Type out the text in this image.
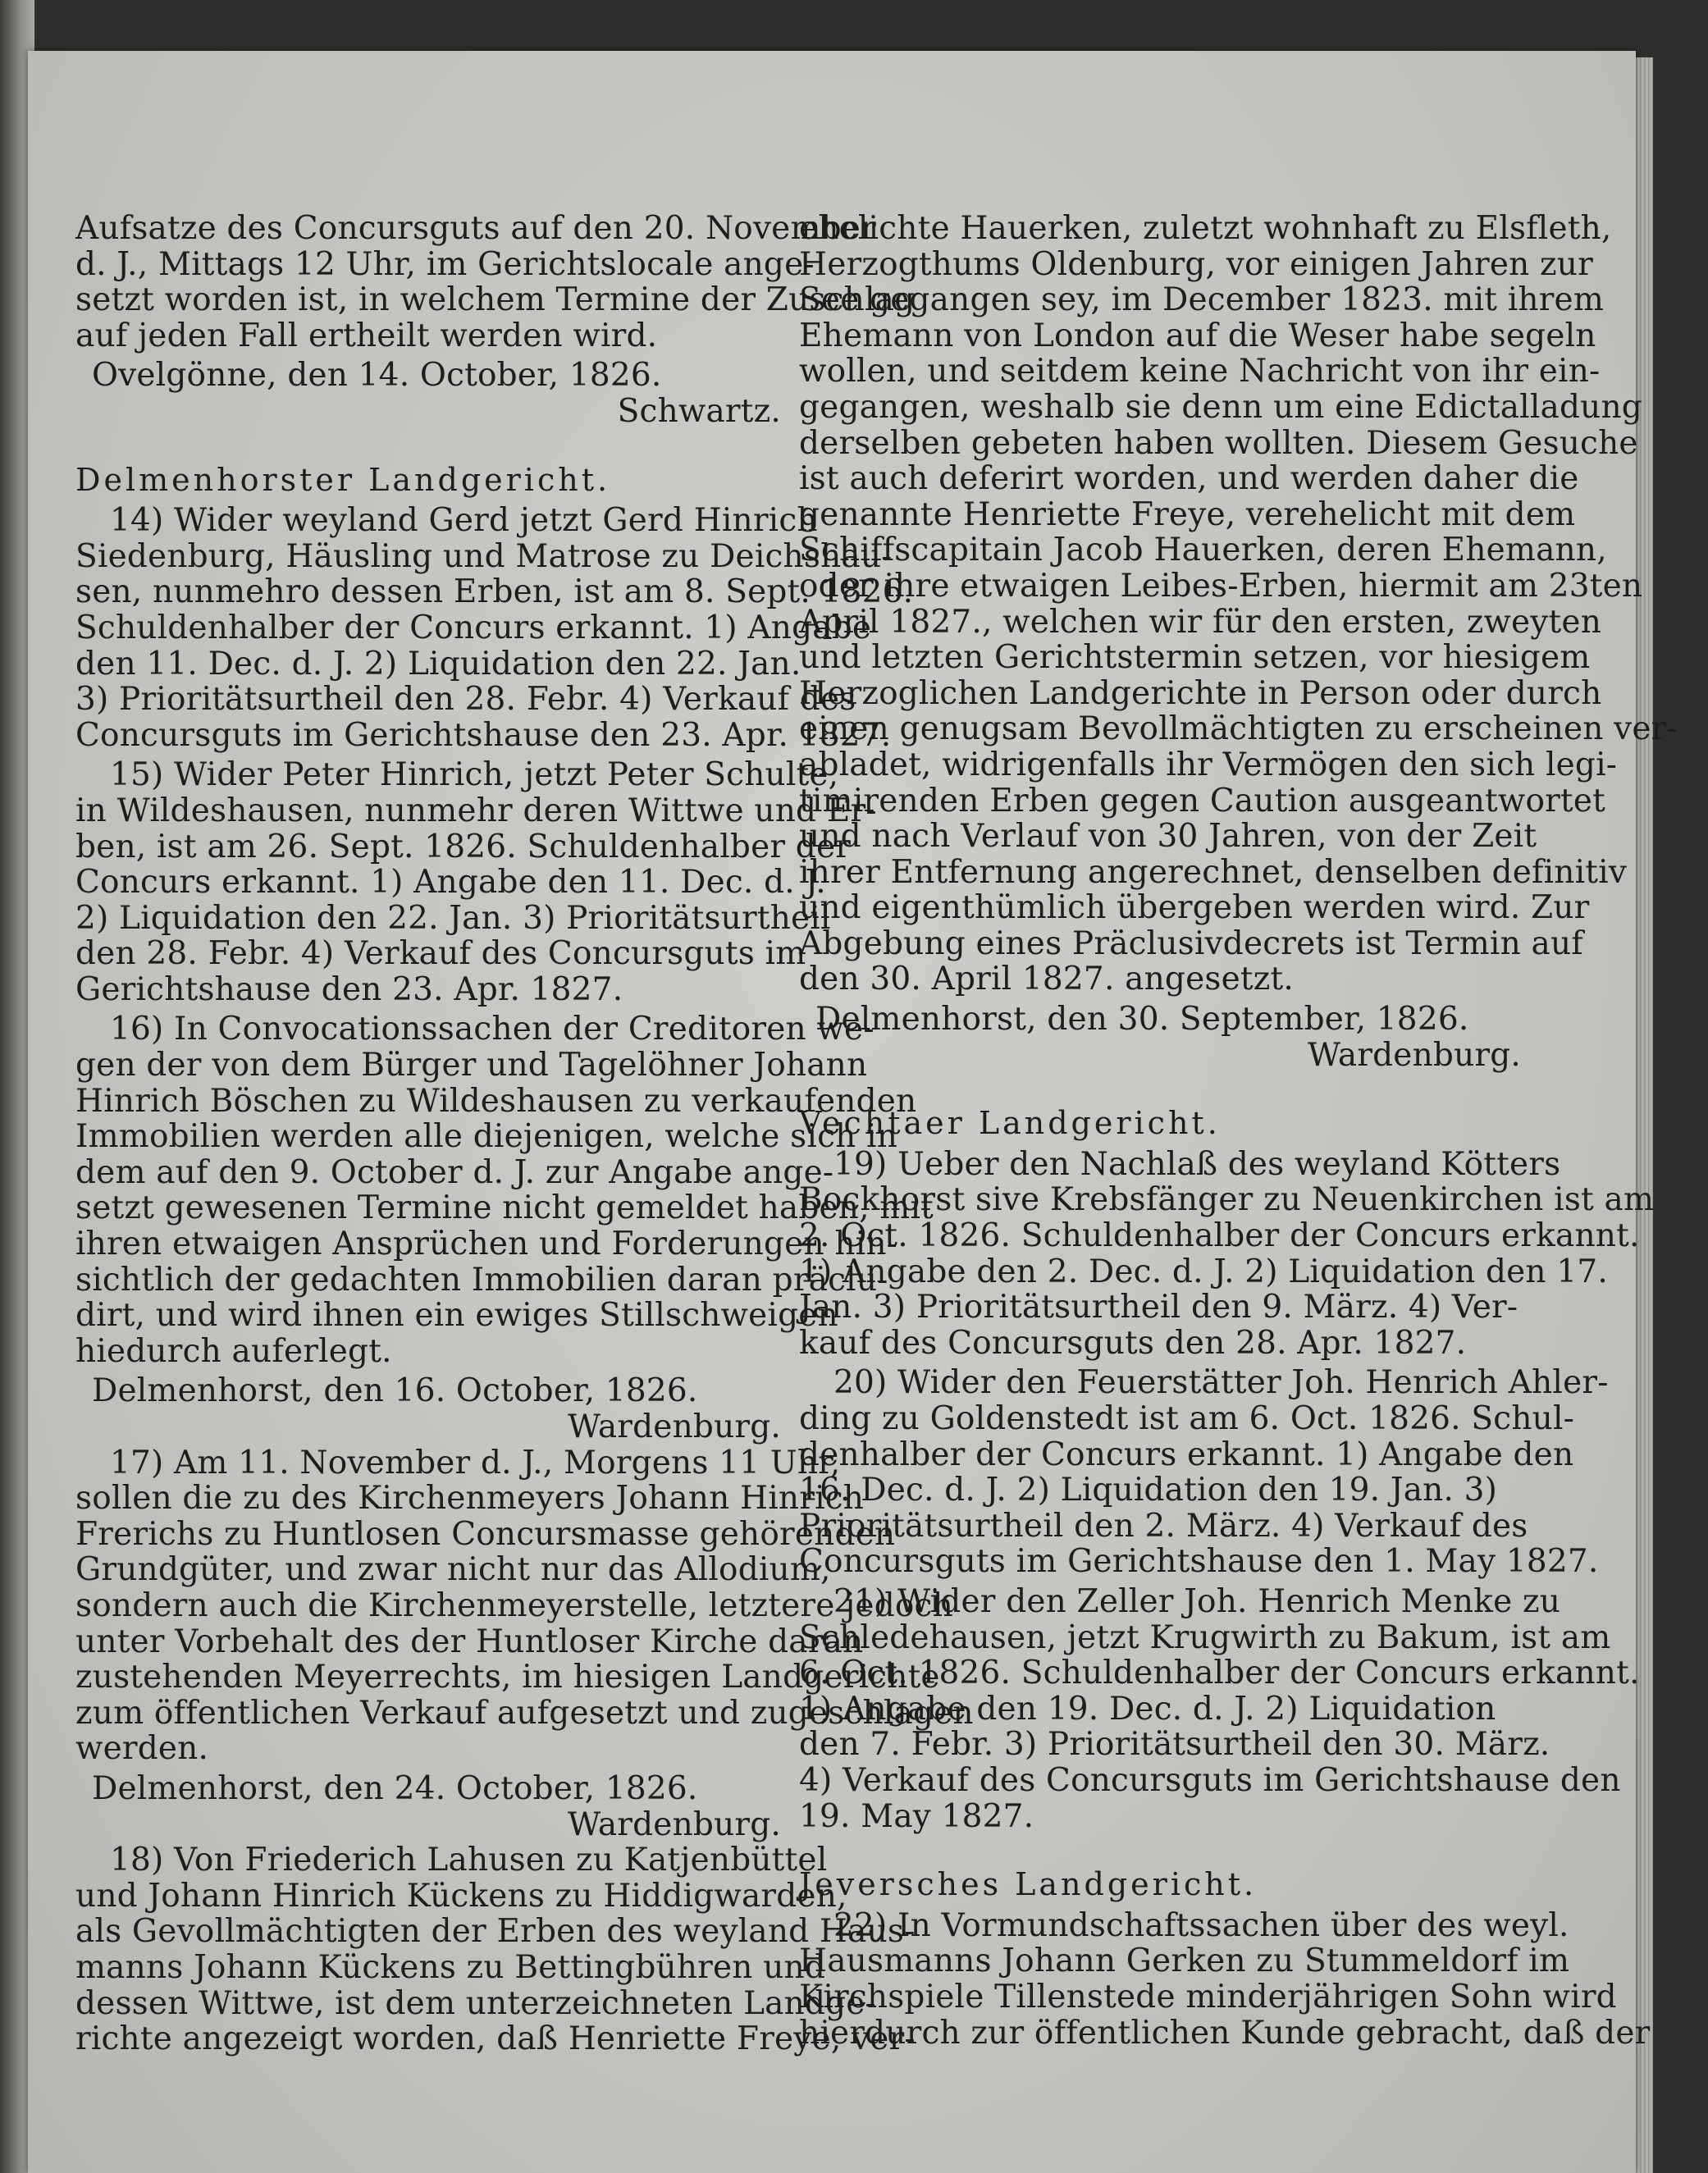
Aufsatze des Concursguts auf den 20. November
d. J., Mittags 12 Uhr, im Gerichtslocale ange-
setzt worden ist, in welchem Termine der Zuschlag
auf jeden Fall ertheilt werden wird.
Ovelgönne, den 14. October, 1826.
Schwartz.
Delmenhorster Landgericht.
14) Wider weyland Gerd jetzt Gerd Hinrich
Siedenburg, Häusling und Matrose zu Deichshau-
sen, nunmehro dessen Erben, ist am 8. Sept. 1826.
Schuldenhalber der Concurs erkannt. 1) Angabe
den 11. Dec. d. J. 2) Liquidation den 22. Jan.
3) Prioritätsurtheil den 28. Febr. 4) Verkauf des
Concursguts im Gerichtshause den 23. Apr. 1827.
15) Wider Peter Hinrich, jetzt Peter Schulte,
in Wildeshausen, nunmehr deren Wittwe und Er-
ben, ist am 26. Sept. 1826. Schuldenhalber der
Concurs erkannt. 1) Angabe den 11. Dec. d. J.
2) Liquidation den 22. Jan. 3) Prioritätsurtheil
den 28. Febr. 4) Verkauf des Concursguts im
Gerichtshause den 23. Apr. 1827.
16) In Convocationssachen der Creditoren we-
gen der von dem Bürger und Tagelöhner Johann
Hinrich Böschen zu Wildeshausen zu verkaufenden
Immobilien werden alle diejenigen, welche sich in
dem auf den 9. October d. J. zur Angabe ange-
setzt gewesenen Termine nicht gemeldet haben, mit
ihren etwaigen Ansprüchen und Forderungen hin-
sichtlich der gedachten Immobilien daran präclu-
dirt, und wird ihnen ein ewiges Stillschweigen
hiedurch auferlegt.
Delmenhorst, den 16. October, 1826.
Wardenburg.
17) Am 11. November d. J., Morgens 11 Uhr,
sollen die zu des Kirchenmeyers Johann Hinrich
Frerichs zu Huntlosen Concursmasse gehörenden
Grundgüter, und zwar nicht nur das Allodium,
sondern auch die Kirchenmeyerstelle, letztere jedoch
unter Vorbehalt des der Huntloser Kirche daran
zustehenden Meyerrechts, im hiesigen Landgerichte
zum öffentlichen Verkauf aufgesetzt und zugeschlagen
werden.
Delmenhorst, den 24. October, 1826.
Wardenburg.
18) Von Friederich Lahusen zu Katjenbüttel
und Johann Hinrich Kückens zu Hiddigwarden,
als Gevollmächtigten der Erben des weyland Haus-
manns Johann Kückens zu Bettingbühren und
dessen Wittwe, ist dem unterzeichneten Landge-
richte angezeigt worden, daß Henriette Freye, ver-
ehelichte Hauerken, zuletzt wohnhaft zu Elsfleth,
Herzogthums Oldenburg, vor einigen Jahren zur
See gegangen sey, im December 1823. mit ihrem
Ehemann von London auf die Weser habe segeln
wollen, und seitdem keine Nachricht von ihr ein-
gegangen, weshalb sie denn um eine Edictalladung
derselben gebeten haben wollten. Diesem Gesuche
ist auch deferirt worden, und werden daher die
genannte Henriette Freye, verehelicht mit dem
Schiffscapitain Jacob Hauerken, deren Ehemann,
oder ihre etwaigen Leibes-Erben, hiermit am 23ten
April 1827., welchen wir für den ersten, zweyten
und letzten Gerichtstermin setzen, vor hiesigem
Herzoglichen Landgerichte in Person oder durch
einen genugsam Bevollmächtigten zu erscheinen ver-
abladet, widrigenfalls ihr Vermögen den sich legi-
timirenden Erben gegen Caution ausgeantwortet
und nach Verlauf von 30 Jahren, von der Zeit
ihrer Entfernung angerechnet, denselben definitiv
und eigenthümlich übergeben werden wird. Zur
Abgebung eines Präclusivdecrets ist Termin auf
den 30. April 1827. angesetzt.
Delmenhorst, den 30. September, 1826.
Wardenburg.
Vechtaer Landgericht.
19) Ueber den Nachlaß des weyland Kötters
Bockhorst sive Krebsfänger zu Neuenkirchen ist am
2. Oct. 1826. Schuldenhalber der Concurs erkannt.
1) Angabe den 2. Dec. d. J. 2) Liquidation den 17.
Jan. 3) Prioritätsurtheil den 9. März. 4) Ver-
kauf des Concursguts den 28. Apr. 1827.
20) Wider den Feuerstätter Joh. Henrich Ahler-
ding zu Goldenstedt ist am 6. Oct. 1826. Schul-
denhalber der Concurs erkannt. 1) Angabe den
16. Dec. d. J. 2) Liquidation den 19. Jan. 3)
Prioritätsurtheil den 2. März. 4) Verkauf des
Concursguts im Gerichtshause den 1. May 1827.
21) Wider den Zeller Joh. Henrich Menke zu
Schledehausen, jetzt Krugwirth zu Bakum, ist am
6. Oct. 1826. Schuldenhalber der Concurs erkannt.
1) Angabe den 19. Dec. d. J. 2) Liquidation
den 7. Febr. 3) Prioritätsurtheil den 30. März.
4) Verkauf des Concursguts im Gerichtshause den
19. May 1827.
Jeversches Landgericht.
22) In Vormundschaftssachen über des weyl.
Hausmanns Johann Gerken zu Stummeldorf im
Kirchspiele Tillenstede minderjährigen Sohn wird
hierdurch zur öffentlichen Kunde gebracht, daß der
